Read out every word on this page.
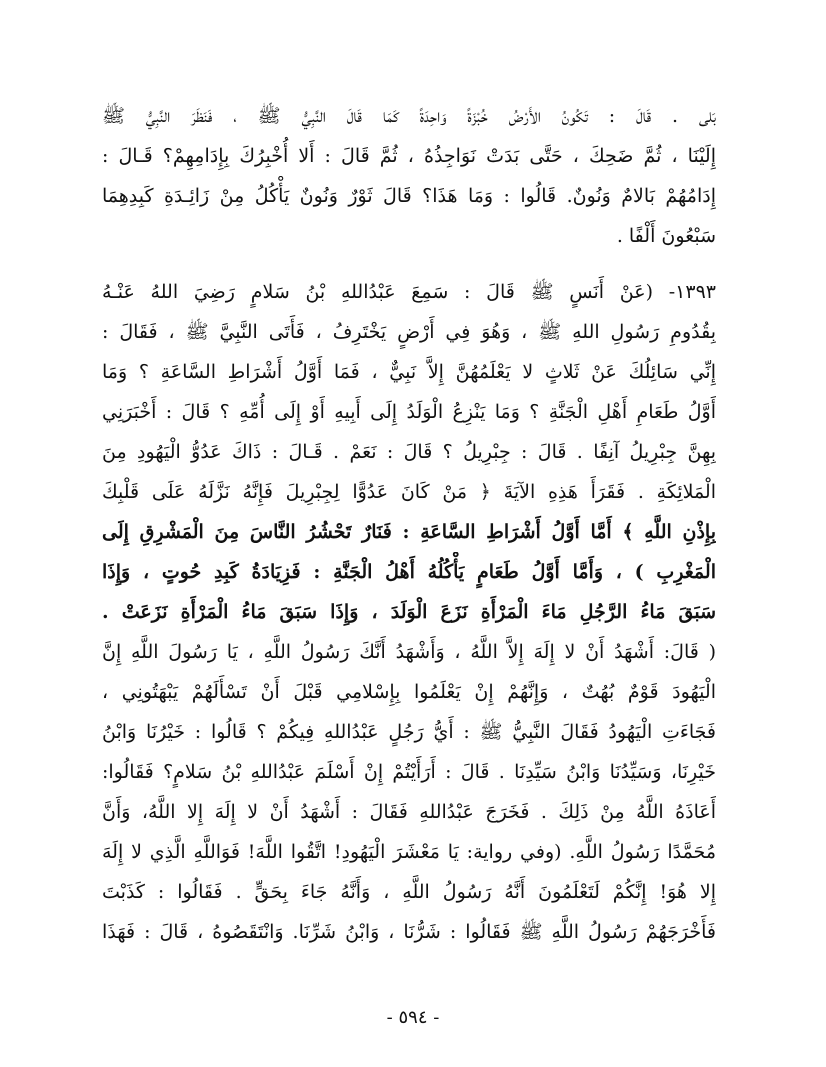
بَلى . قَالَ : تَكُونُ الأَرْضُ خُبْزَةً وَاحِدَةً كَمَا قَالَ النَّبِيُّ ﷺ ، فَنَظَرَ النَّبِيُّ ﷺ
إِلَيْنَا ، ثُمَّ ضَحِكَ ، حَتَّى بَدَتْ نَوَاجِذُهُ ، ثُمَّ قَالَ : أَلا أُخْبِرُكَ بِإِدَامِهِمْ؟ قَـالَ :
إِدَامُهُمْ بَالامٌ وَنُونٌ. قَالُوا : وَمَا هَذَا؟ قَالَ ثَوْرٌ وَنُونٌ يَأْكُلُ مِنْ زَائِـدَةِ كَبِدِهِمَا
سَبْعُونَ أَلْفًا .
١٣٩٣- (عَنْ أَنَسٍ ﷺ قَالَ : سَمِعَ عَبْدُاللهِ بْنُ سَلامٍ رَضِيَ اللهُ عَنْـهُ
بِقُدُومِ رَسُولِ اللهِ ﷺ ، وَهُوَ فِي أَرْضٍ يَخْتَرِفُ ، فَأَتَى النَّبِيَّ ﷺ ، فَقَالَ :
إِنِّي سَائِلُكَ عَنْ ثَلاثٍ لا يَعْلَمُهُنَّ إِلاَّ نَبِيٌّ ، فَمَا أَوَّلُ أَشْرَاطِ السَّاعَةِ ؟ وَمَا
أَوَّلُ طَعَامِ أَهْلِ الْجَنَّةِ ؟ وَمَا يَنْزِعُ الْوَلَدُ إِلَى أَبِيهِ أَوْ إِلَى أُمِّهِ ؟ قَالَ : أَخْبَرَنِي
بِهِنَّ جِبْرِيلُ آنِفًا . قَالَ : جِبْرِيلُ ؟ قَالَ : نَعَمْ . قَـالَ : ذَاكَ عَدُوُّ الْيَهُودِ مِنَ
الْمَلائِكَةِ . فَقَرَأَ هَذِهِ الآيَةَ ﴿ مَنْ كَانَ عَدُوًّا لِجِبْرِيلَ فَإِنَّهُ نَزَّلَهُ عَلَى قَلْبِكَ
بِإِذْنِ اللَّهِ ﴾ أَمَّا أَوَّلُ أَشْرَاطِ السَّاعَةِ : فَنَارٌ تَحْشُرُ النَّاسَ مِنَ الْمَشْرِقِ إِلَى
الْمَغْرِبِ ) ، وَأَمَّا أَوَّلُ طَعَامٍ يَأْكُلُهُ أَهْلُ الْجَنَّةِ : فَزِيَادَةُ كَبِدِ حُوتٍ ، وَإِذَا
سَبَقَ مَاءُ الرَّجُلِ مَاءَ الْمَرْأَةِ نَزَعَ الْوَلَدَ ، وَإِذَا سَبَقَ مَاءُ الْمَرْأَةِ نَزَعَتْ .
( قَالَ: أَشْهَدُ أَنْ لا إِلَهَ إِلاَّ اللَّهُ ، وَأَشْهَدُ أَنَّكَ رَسُولُ اللَّهِ ، يَا رَسُولَ اللَّهِ إِنَّ
الْيَهُودَ قَوْمٌ بُهُتٌ ، وَإِنَّهُمْ إِنْ يَعْلَمُوا بِإِسْلامِي قَبْلَ أَنْ تَسْأَلَهُمْ يَبْهَتُونِي ،
فَجَاءَتِ الْيَهُودُ فَقَالَ النَّبِيُّ ﷺ : أَيُّ رَجُلٍ عَبْدُاللهِ فِيكُمْ ؟ قَالُوا : خَيْرُنَا وَابْنُ
خَيْرِنَا، وَسَيِّدُنَا وَابْنُ سَيِّدِنَا . قَالَ : أَرَأَيْتُمْ إِنْ أَسْلَمَ عَبْدُاللهِ بْنُ سَلامٍ؟ فَقَالُوا:
أَعَاذَهُ اللَّهُ مِنْ ذَلِكَ . فَخَرَجَ عَبْدُاللهِ فَقَالَ : أَشْهَدُ أَنْ لا إِلَهَ إِلا اللَّهُ، وَأَنَّ
مُحَمَّدًا رَسُولُ اللَّهِ. (وفي رواية: يَا مَعْشَرَ الْيَهُودِ! اتَّقُوا اللَّهَ! فَوَاللَّهِ الَّذِي لا إِلَهَ
إِلا هُوَ! إِنَّكُمْ لَتَعْلَمُونَ أَنَّهُ رَسُولُ اللَّهِ ، وَأَنَّهُ جَاءَ بِحَقٍّ . فَقَالُوا : كَذَبْتَ
فَأَخْرَجَهُمْ رَسُولُ اللَّهِ ﷺ فَقَالُوا : شَرُّنَا ، وَابْنُ شَرِّنَا. وَانْتَقَصُوهُ ، قَالَ : فَهَذَا
- ٥٩٤ -
